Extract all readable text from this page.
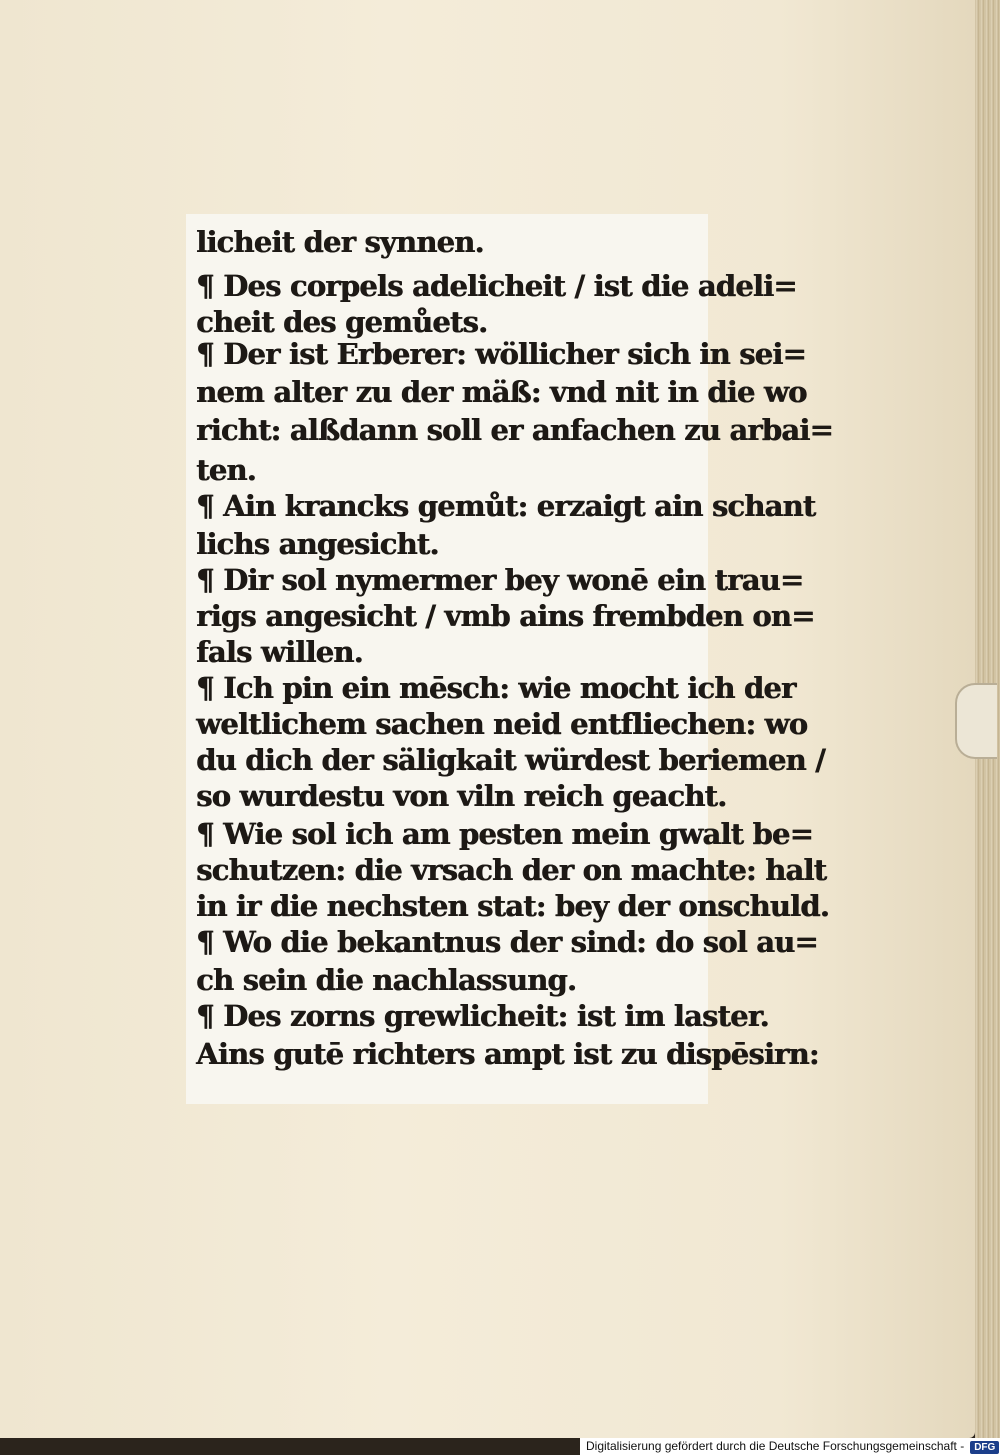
licheit der synnen.
¶ Des corpels adelicheit / ist die adeli=
cheit des gemůets.
¶ Der ist Erberer: wöllicher sich in sei=
nem alter zu der mäß: vnd nit in die wo
richt: alßdann soll er anfachen zu arbai=
ten.
¶ Ain krancks gemůt: erzaigt ain schant
lichs angesicht.
¶ Dir sol nymermer bey wonē ein trau=
rigs angesicht / vmb ains frembden on=
fals willen.
¶ Ich pin ein mēsch: wie mocht ich der
weltlichem sachen neid entfliechen: wo
du dich der säligkait würdest beriemen /
so wurdestu von viln reich geacht.
¶ Wie sol ich am pesten mein gwalt be=
schutzen: die vrsach der on machte: halt
in ir die nechsten stat: bey der onschuld.
¶ Wo die bekantnus der sind: do sol au=
ch sein die nachlassung.
¶ Des zorns grewlicheit: ist im laster.
Ains gutē richters ampt ist zu dispēsirn:
Digitalisierung gefördert durch die Deutsche Forschungsgemeinschaft - DFG
